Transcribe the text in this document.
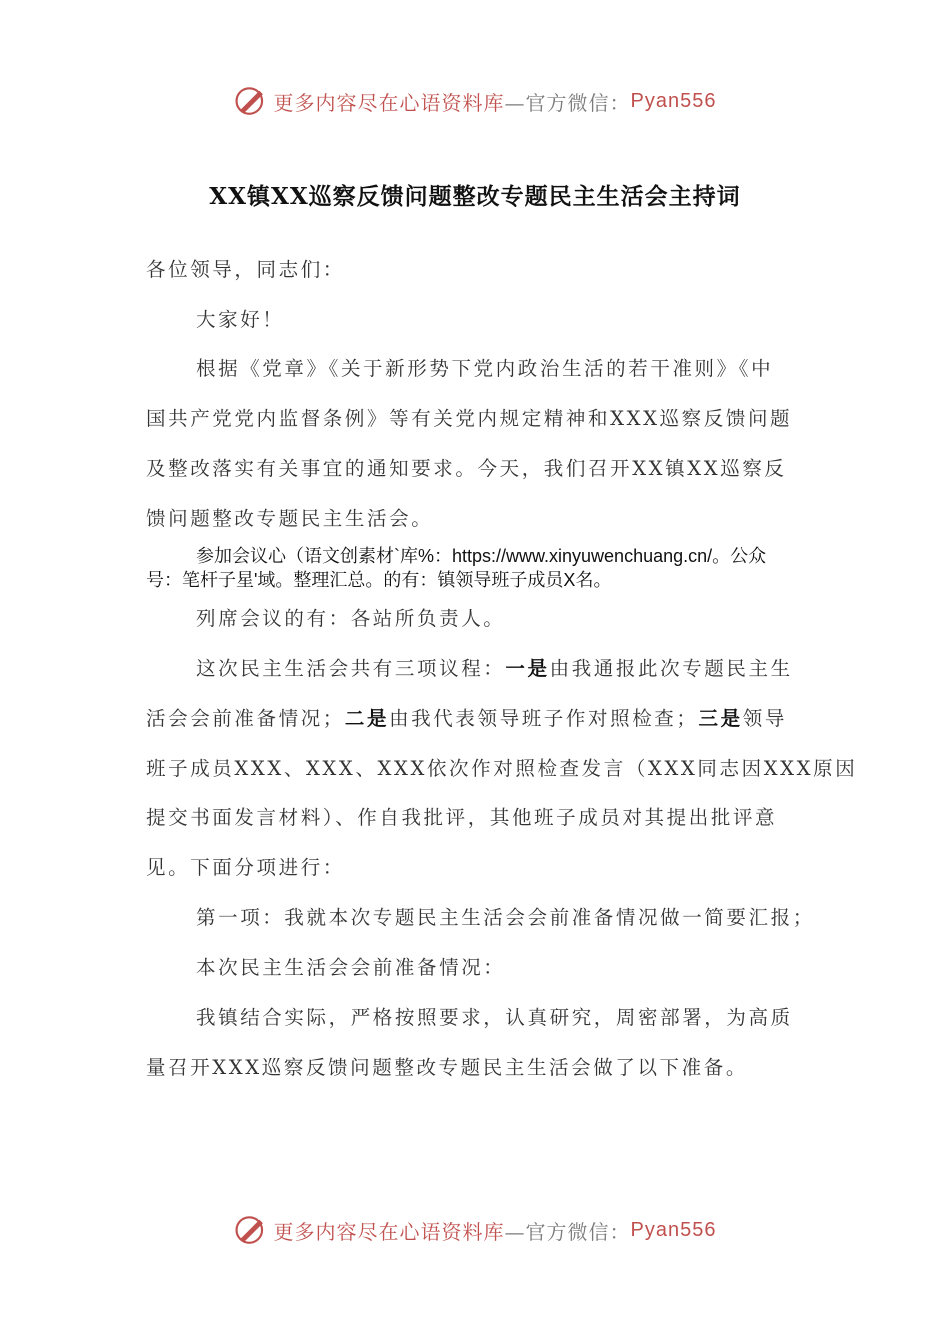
更多内容尽在心语资料库 —官方微信： Pyan556
XX镇XX巡察反馈问题整改专题民主生活会主持词
各位领导，同志们：
大家好！
根据《党章》《关于新形势下党内政治生活的若干准则》《中
国共产党党内监督条例》等有关党内规定精神和XXX巡察反馈问题
及整改落实有关事宜的通知要求。今天，我们召开XX镇XX巡察反
馈问题整改专题民主生活会。
参加会议心（语文创素材`库%：https://www.xinyuwenchuang.cn/。公众
号：笔杆子星'域。整理汇总。的有：镇领导班子成员X名。
列席会议的有：各站所负责人。
这次民主生活会共有三项议程：一是由我通报此次专题民主生
活会会前准备情况；二是由我代表领导班子作对照检查；三是领导
班子成员XXX、XXX、XXX依次作对照检查发言（XXX同志因XXX原因
提交书面发言材料）、作自我批评，其他班子成员对其提出批评意
见。下面分项进行：
第一项：我就本次专题民主生活会会前准备情况做一简要汇报；
本次民主生活会会前准备情况：
我镇结合实际，严格按照要求，认真研究，周密部署，为高质
量召开XXX巡察反馈问题整改专题民主生活会做了以下准备。
更多内容尽在心语资料库 —官方微信： Pyan556
